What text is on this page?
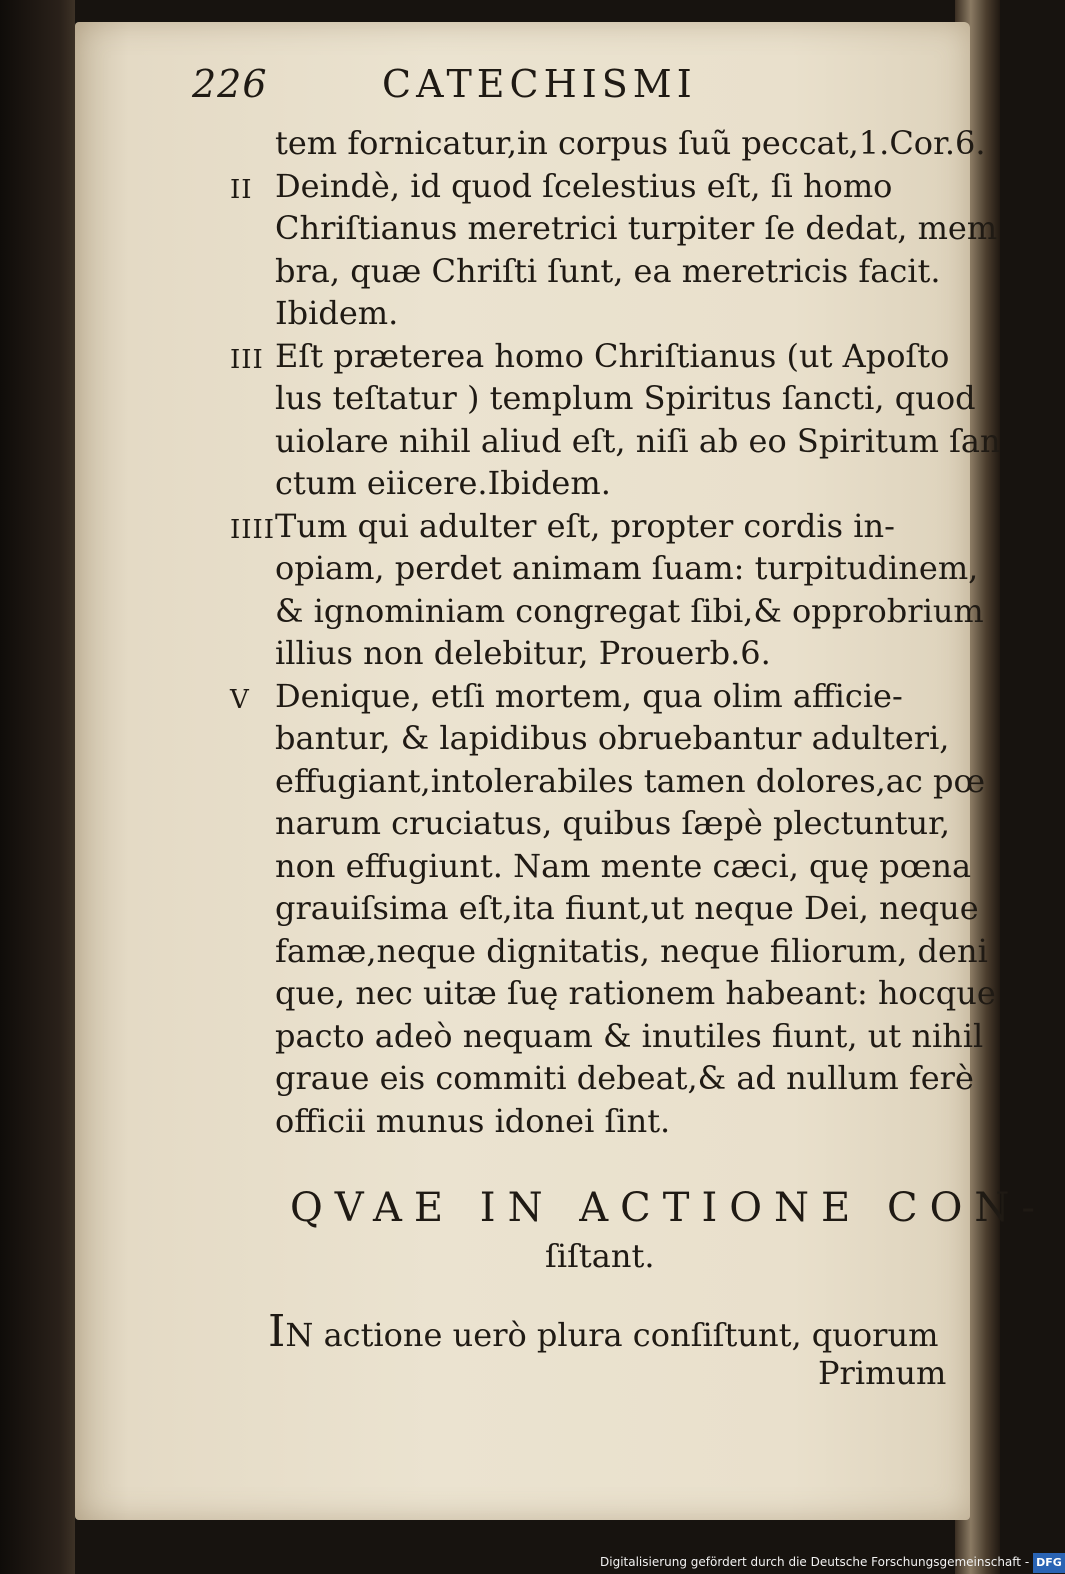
226	CATECHISMI
tem fornicatur,in corpus ſuũ peccat,1.Cor.6.
II Deindè, id quod ſcelestius eſt, ſi homo
Chriſtianus meretrici turpiter ſe dedat, mem
bra, quæ Chriſti ſunt, ea meretricis facit.
Ibidem.
III Eſt præterea homo Chriſtianus (ut Apoſto
lus teſtatur ) templum Spiritus ſancti, quod
uiolare nihil aliud eſt, niſi ab eo Spiritum ſan
ctum eiicere.Ibidem.
IIII Tum qui adulter eſt, propter cordis in-
opiam, perdet animam ſuam: turpitudinem,
& ignominiam congregat ſibi,& opprobrium
illius non delebitur, Prouerb.6.
V Denique, etſi mortem, qua olim afficie-
bantur, & lapidibus obruebantur adulteri,
effugiant,intolerabiles tamen dolores,ac pœ
narum cruciatus, quibus ſæpè plectuntur,
non effugiunt. Nam mente cæci, quę pœna
grauiſsima eſt,ita fiunt,ut neque Dei, neque
famæ,neque dignitatis, neque filiorum, deni
que, nec uitæ ſuę rationem habeant: hocque
pacto adeò nequam & inutiles fiunt, ut nihil
graue eis commiti debeat,& ad nullum ferè
officii munus idonei ſint.
QVAE IN ACTIONE CON-
ſiſtant.
IN actione uerò plura conſiſtunt, quorum
Primum
Digitalisierung gefördert durch die Deutsche Forschungsgemeinschaft - DFG
